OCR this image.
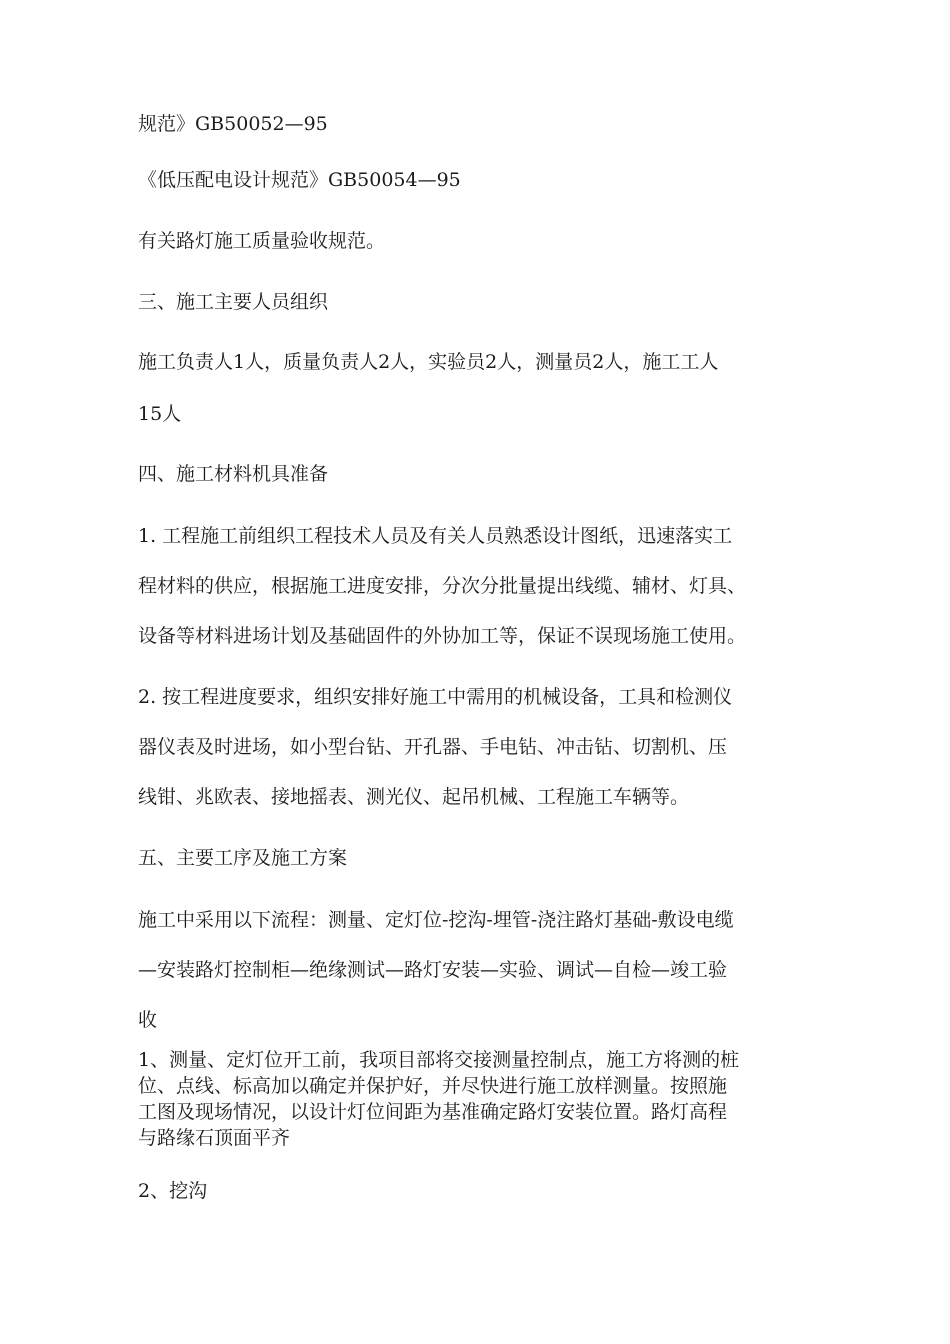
规范》GB50052—95
《低压配电设计规范》GB50054—95
有关路灯施工质量验收规范。
三、施工主要人员组织
施工负责人1人，质量负责人2人，实验员2人，测量员2人，施工工人
15人
四、施工材料机具准备
1. 工程施工前组织工程技术人员及有关人员熟悉设计图纸，迅速落实工
程材料的供应，根据施工进度安排，分次分批量提出线缆、辅材、灯具、
设备等材料进场计划及基础固件的外协加工等，保证不误现场施工使用。
2. 按工程进度要求，组织安排好施工中需用的机械设备，工具和检测仪
器仪表及时进场，如小型台钻、开孔器、手电钻、冲击钻、切割机、压
线钳、兆欧表、接地摇表、测光仪、起吊机械、工程施工车辆等。
五、主要工序及施工方案
施工中采用以下流程：测量、定灯位-挖沟-埋管-浇注路灯基础-敷设电缆
—安装路灯控制柜—绝缘测试—路灯安装—实验、调试—自检—竣工验
收
1、测量、定灯位开工前，我项目部将交接测量控制点，施工方将测的桩
位、点线、标高加以确定并保护好，并尽快进行施工放样测量。按照施
工图及现场情况，以设计灯位间距为基准确定路灯安装位置。路灯高程
与路缘石顶面平齐
2、挖沟
